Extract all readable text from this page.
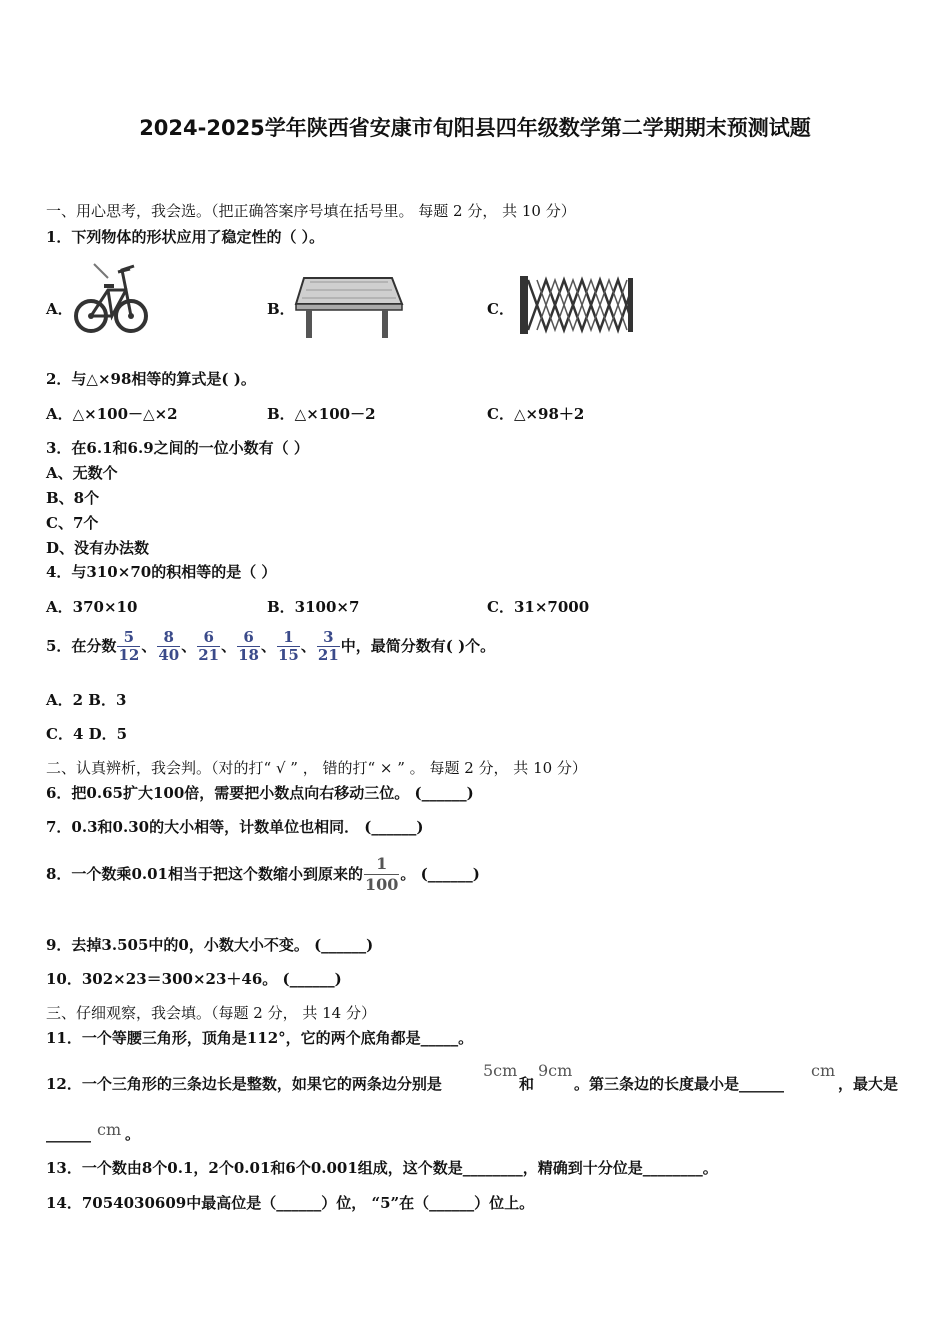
2024-2025学年陕西省安康市旬阳县四年级数学第二学期期末预测试题
一、用心思考，我会选。（把正确答案序号填在括号里。 每题 2 分， 共 10 分）
1．下列物体的形状应用了稳定性的（ ）。
A．	B．	C．
2．与△×98相等的算式是( )。
A．△×100－△×2	B．△×100－2	C．△×98＋2
3．在6.1和6.9之间的一位小数有（ ）
A、无数个
B、8个
C、7个
D、没有办法数
4．与310×70的积相等的是（ ）
A．370×10	B．3100×7	C．31×7000
5．在分数 $\frac{5}{12}$ 、 $\frac{8}{40}$ 、 $\frac{6}{21}$ 、 $\frac{6}{18}$ 、 $\frac{1}{15}$ 、 $\frac{3}{21}$ 中，最简分数有( )个。
A．2 B．3
C．4 D．5
二、认真辨析，我会判。（对的打“ √ ” ， 错的打“ × ” 。 每题 2 分， 共 10 分）
6．把0.65扩大100倍，需要把小数点向右移动三位。 (______)
7．0.3和0.30的大小相等，计数单位也相同． (______)
8．一个数乘0.01相当于把这个数缩小到原来的 $\frac{1}{100}$ 。 (______)
9．去掉3.505中的0，小数大小不变。 (______)
10．302×23＝300×23＋46。 (______)
三、仔细观察，我会填。（每题 2 分， 共 14 分）
11．一个等腰三角形，顶角是112°，它的两个底角都是_____。
12．一个三角形的三条边长是整数，如果它的两条边分别是
5cm
和
9cm
。第三条边的长度最小是______
cm
，最大是
______ cm 。
13．一个数由8个0.1，2个0.01和6个0.001组成，这个数是________，精确到十分位是________。
14．7054030609中最高位是（______）位， “5”在（______）位上。
